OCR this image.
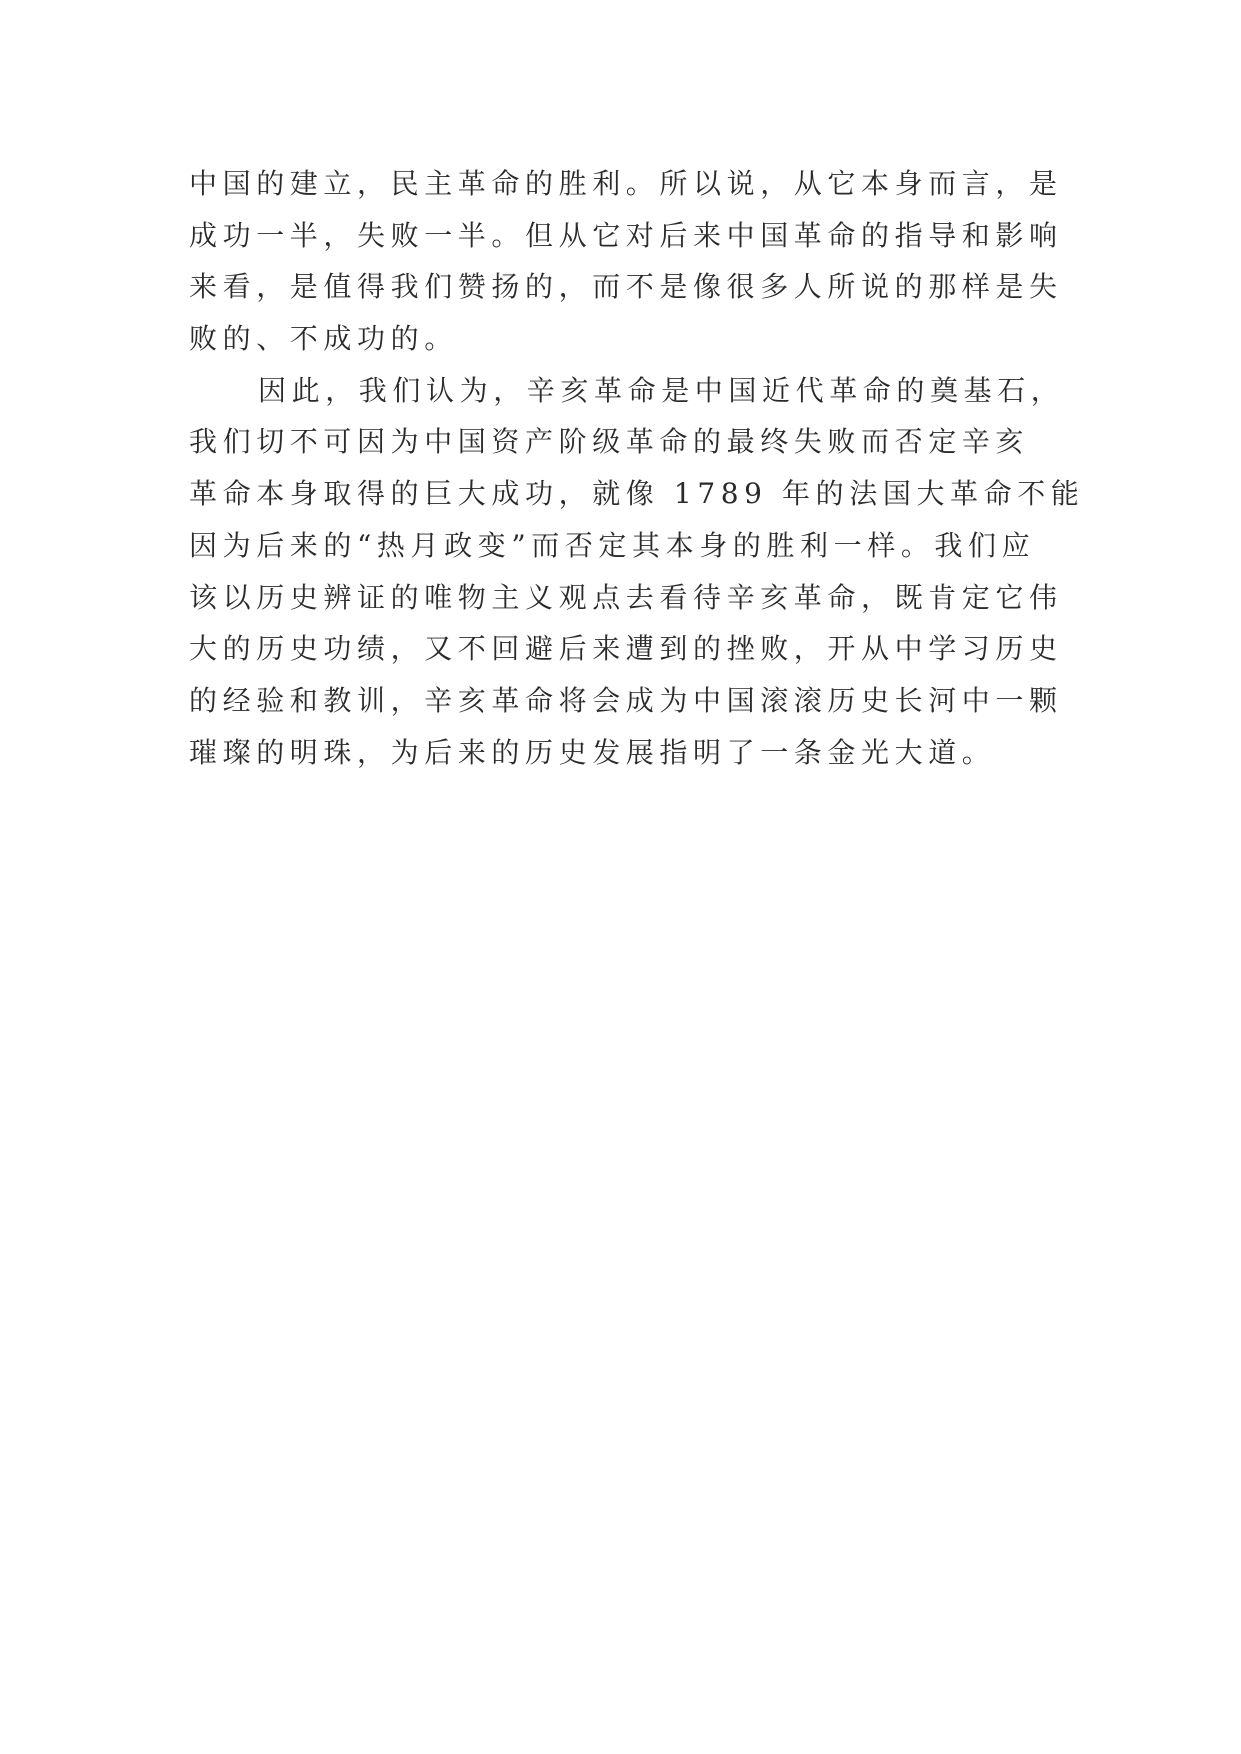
中国的建立，民主革命的胜利。所以说，从它本身而言，是
成功一半，失败一半。但从它对后来中国革命的指导和影响
来看，是值得我们赞扬的，而不是像很多人所说的那样是失
败的、不成功的。
因此，我们认为，辛亥革命是中国近代革命的奠基石，
我们切不可因为中国资产阶级革命的最终失败而否定辛亥
革命本身取得的巨大成功，就像 1789 年的法国大革命不能
因为后来的“热月政变”而否定其本身的胜利一样。我们应
该以历史辨证的唯物主义观点去看待辛亥革命，既肯定它伟
大的历史功绩，又不回避后来遭到的挫败，开从中学习历史
的经验和教训，辛亥革命将会成为中国滚滚历史长河中一颗
璀璨的明珠，为后来的历史发展指明了一条金光大道。
